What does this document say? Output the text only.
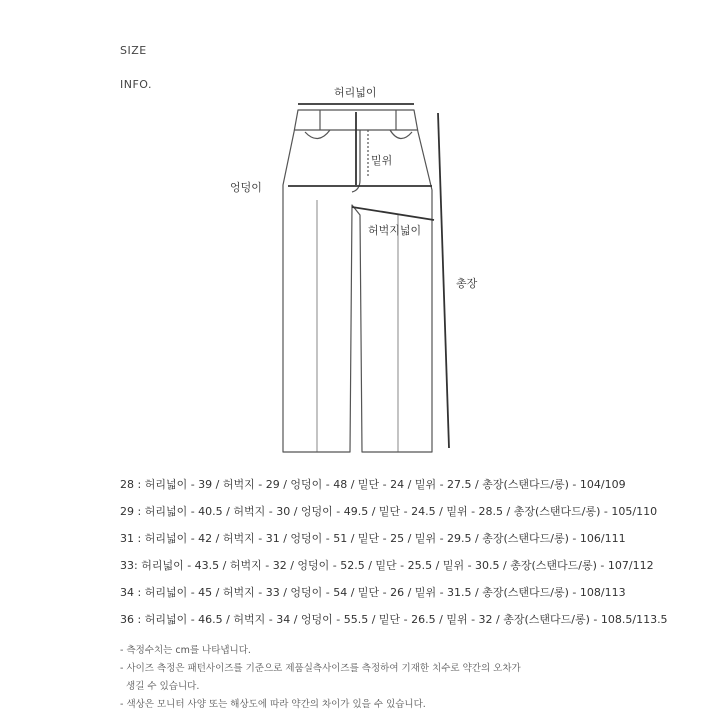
SIZE
INFO.
허리넓이
밑위
엉덩이
허벅지넓이
총장
28 : 허리넓이 - 39 / 허벅지 - 29 / 엉덩이 - 48 / 밑단 - 24 / 밑위 - 27.5 / 총장(스탠다드/롱) - 104/109
29 : 허리넓이 - 40.5 / 허벅지 - 30 / 엉덩이 - 49.5 / 밑단 - 24.5 / 밑위 - 28.5 / 총장(스탠다드/롱) - 105/110
31 : 허리넓이 - 42 / 허벅지 - 31 / 엉덩이 - 51 / 밑단 - 25 / 밑위 - 29.5 / 총장(스탠다드/롱) - 106/111
33: 허리넓이 - 43.5 / 허벅지 - 32 / 엉덩이 - 52.5 / 밑단 - 25.5 / 밑위 - 30.5 / 총장(스탠다드/롱) - 107/112
34 : 허리넓이 - 45 / 허벅지 - 33 / 엉덩이 - 54 / 밑단 - 26 / 밑위 - 31.5 / 총장(스탠다드/롱) - 108/113
36 : 허리넓이 - 46.5 / 허벅지 - 34 / 엉덩이 - 55.5 / 밑단 - 26.5 / 밑위 - 32 / 총장(스탠다드/롱) - 108.5/113.5
- 측정수치는 cm를 나타냅니다.
- 사이즈 측정은 패턴사이즈를 기준으로 제품실측사이즈를 측정하여 기재한 치수로 약간의 오차가
생길 수 있습니다.
- 색상은 모니터 사양 또는 해상도에 따라 약간의 차이가 있을 수 있습니다.
